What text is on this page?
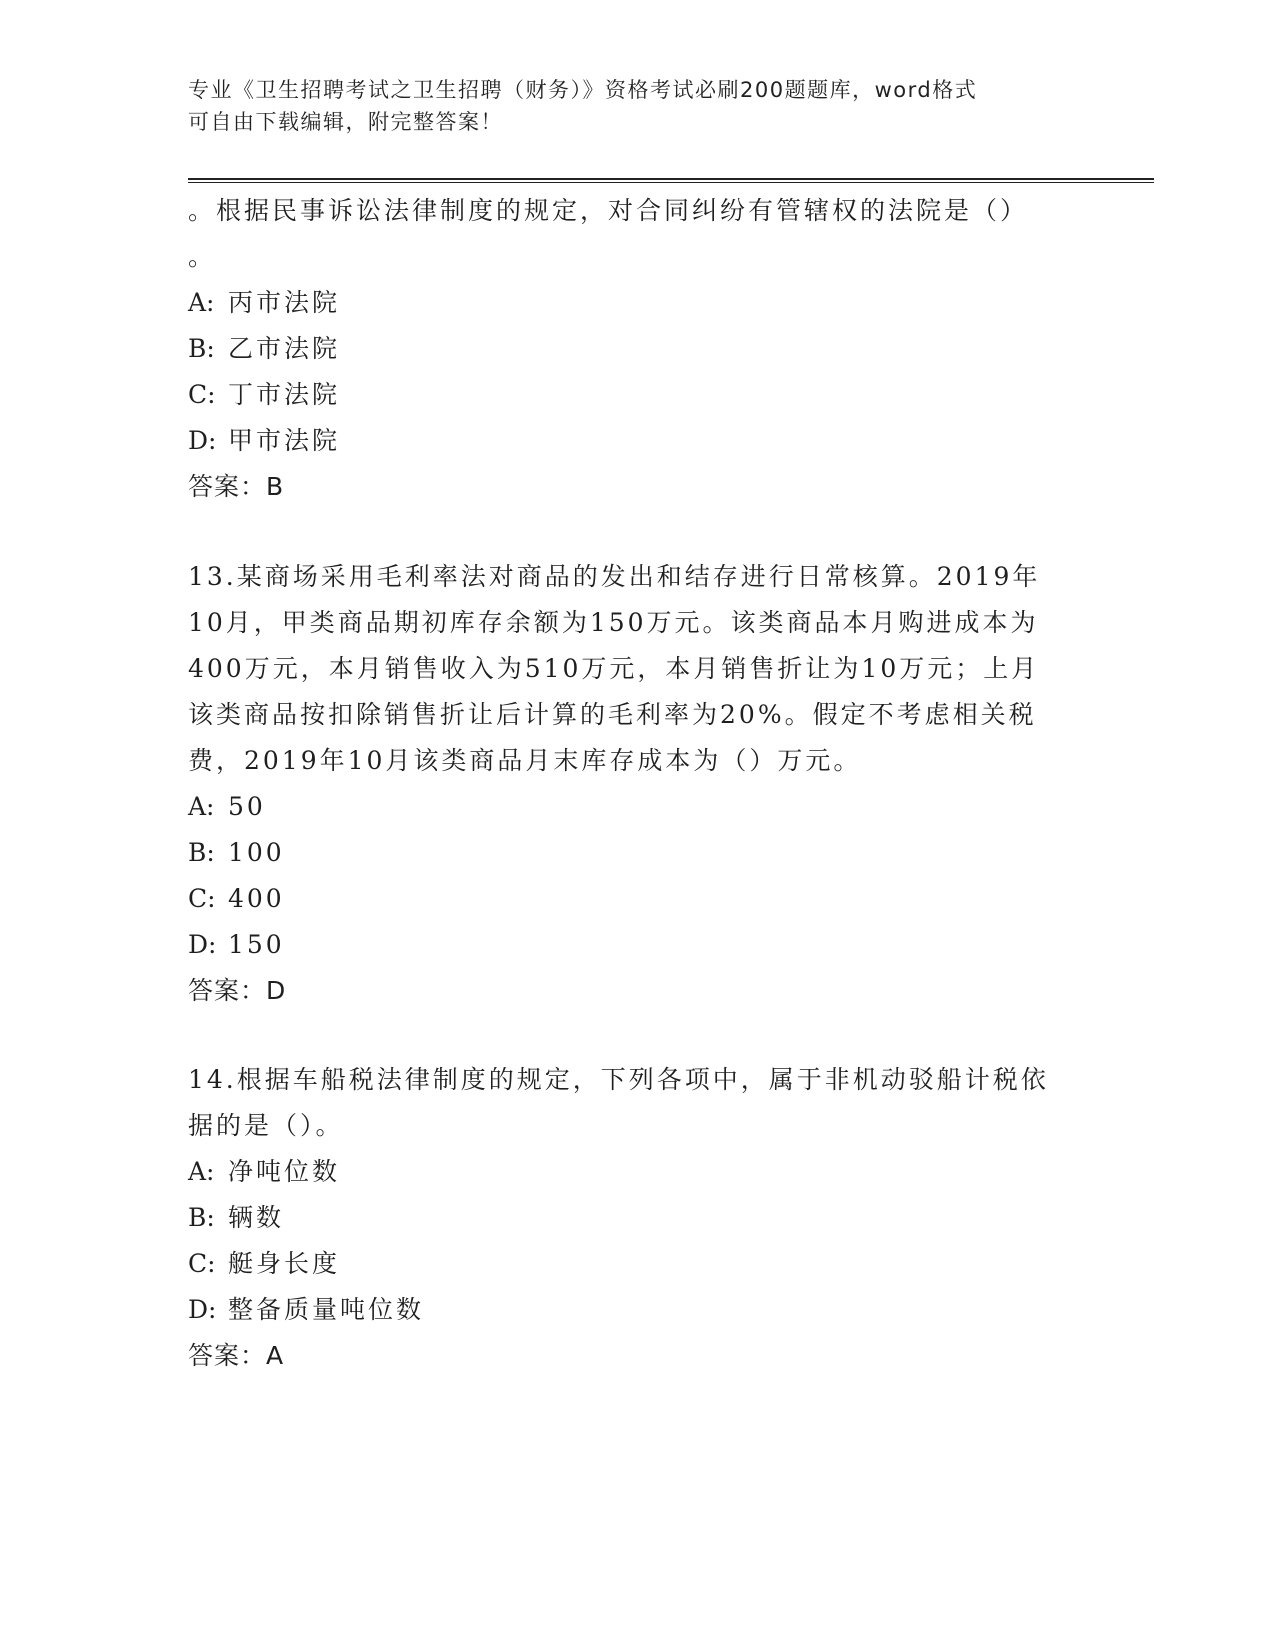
专业《卫生招聘考试之卫生招聘（财务）》资格考试必刷200题题库，word格式
可自由下载编辑，附完整答案！
。根据民事诉讼法律制度的规定，对合同纠纷有管辖权的法院是（）
。
A: 丙市法院
B: 乙市法院
C: 丁市法院
D: 甲市法院
答案：B
13.某商场采用毛利率法对商品的发出和结存进行日常核算。2019年
10月，甲类商品期初库存余额为150万元。该类商品本月购进成本为
400万元，本月销售收入为510万元，本月销售折让为10万元；上月
该类商品按扣除销售折让后计算的毛利率为20%。假定不考虑相关税
费，2019年10月该类商品月末库存成本为（）万元。
A: 50
B: 100
C: 400
D: 150
答案：D
14.根据车船税法律制度的规定，下列各项中，属于非机动驳船计税依
据的是（）。
A: 净吨位数
B: 辆数
C: 艇身长度
D: 整备质量吨位数
答案：A
